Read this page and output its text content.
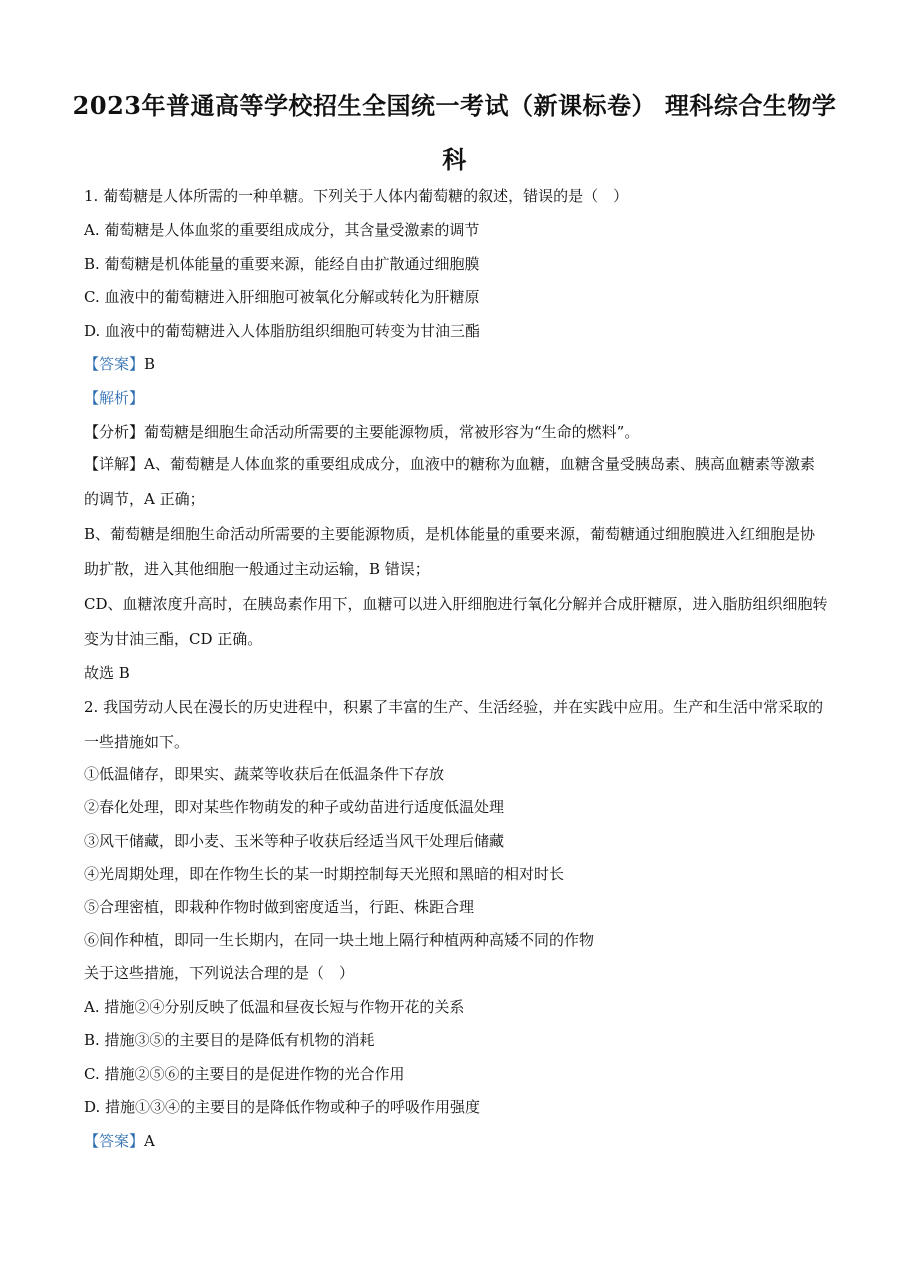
2023年普通高等学校招生全国统一考试（新课标卷） 理科综合生物学
科
1. 葡萄糖是人体所需的一种单糖。下列关于人体内葡萄糖的叙述，错误的是（　）
A. 葡萄糖是人体血浆的重要组成成分，其含量受激素的调节
B. 葡萄糖是机体能量的重要来源，能经自由扩散通过细胞膜
C. 血液中的葡萄糖进入肝细胞可被氧化分解或转化为肝糖原
D. 血液中的葡萄糖进入人体脂肪组织细胞可转变为甘油三酯
【答案】B
【解析】
【分析】葡萄糖是细胞生命活动所需要的主要能源物质，常被形容为“生命的燃料”。
【详解】A、葡萄糖是人体血浆的重要组成成分，血液中的糖称为血糖，血糖含量受胰岛素、胰高血糖素等激素的调节，A 正确；
B、葡萄糖是细胞生命活动所需要的主要能源物质，是机体能量的重要来源，葡萄糖通过细胞膜进入红细胞是协助扩散，进入其他细胞一般通过主动运输，B 错误；
CD、血糖浓度升高时，在胰岛素作用下，血糖可以进入肝细胞进行氧化分解并合成肝糖原，进入脂肪组织细胞转变为甘油三酯，CD 正确。
故选 B
2. 我国劳动人民在漫长的历史进程中，积累了丰富的生产、生活经验，并在实践中应用。生产和生活中常采取的一些措施如下。
①低温储存，即果实、蔬菜等收获后在低温条件下存放
②春化处理，即对某些作物萌发的种子或幼苗进行适度低温处理
③风干储藏，即小麦、玉米等种子收获后经适当风干处理后储藏
④光周期处理，即在作物生长的某一时期控制每天光照和黑暗的相对时长
⑤合理密植，即栽种作物时做到密度适当，行距、株距合理
⑥间作种植，即同一生长期内，在同一块土地上隔行种植两种高矮不同的作物
关于这些措施，下列说法合理的是（　）
A. 措施②④分别反映了低温和昼夜长短与作物开花的关系
B. 措施③⑤的主要目的是降低有机物的消耗
C. 措施②⑤⑥的主要目的是促进作物的光合作用
D. 措施①③④的主要目的是降低作物或种子的呼吸作用强度
【答案】A
